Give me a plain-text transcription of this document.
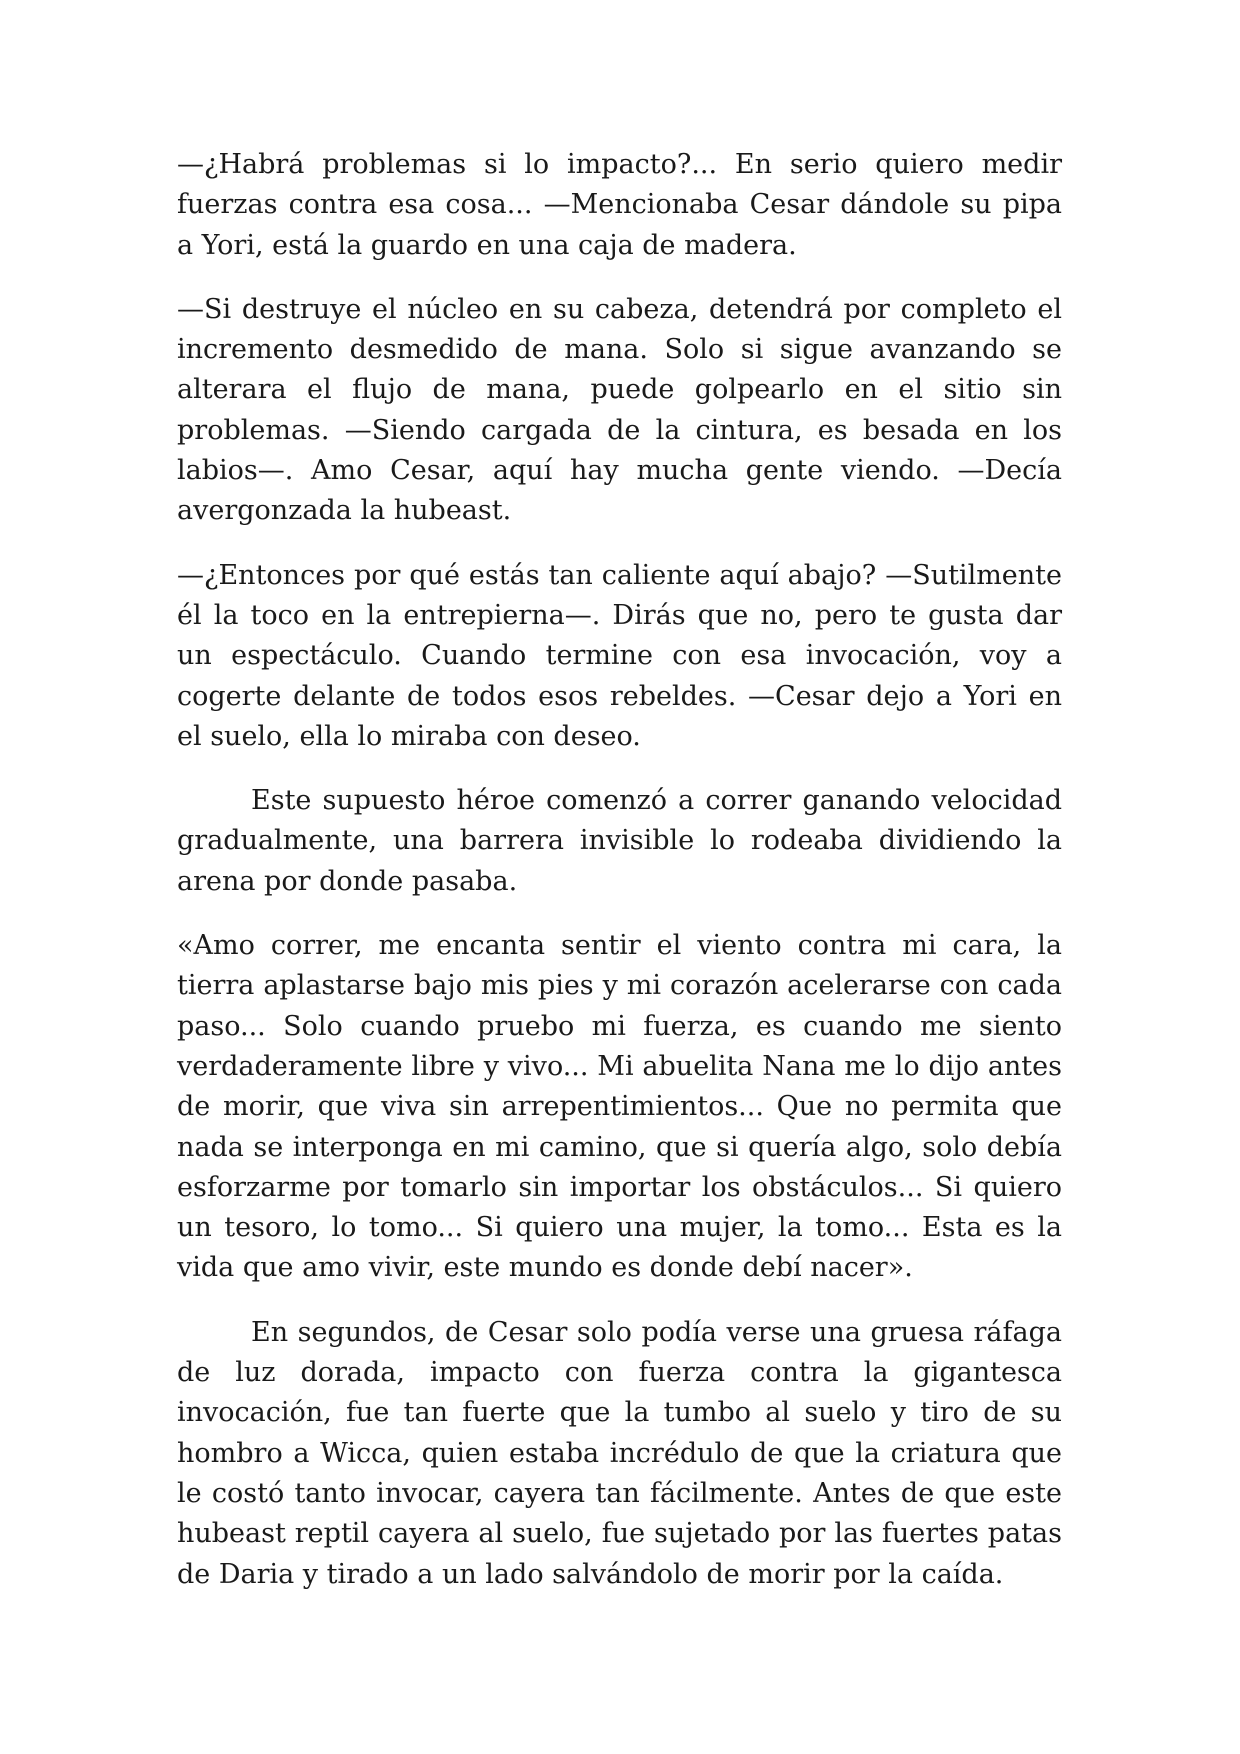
—¿Habrá problemas si lo impacto?... En serio quiero medir fuerzas contra esa cosa... —Mencionaba Cesar dándole su pipa a Yori, está la guardo en una caja de madera.

—Si destruye el núcleo en su cabeza, detendrá por completo el incremento desmedido de mana. Solo si sigue avanzando se alterara el flujo de mana, puede golpearlo en el sitio sin problemas. —Siendo cargada de la cintura, es besada en los labios—. Amo Cesar, aquí hay mucha gente viendo. —Decía avergonzada la hubeast.

—¿Entonces por qué estás tan caliente aquí abajo? —Sutilmente él la toco en la entrepierna—. Dirás que no, pero te gusta dar un espectáculo. Cuando termine con esa invocación, voy a cogerte delante de todos esos rebeldes. —Cesar dejo a Yori en el suelo, ella lo miraba con deseo.

Este supuesto héroe comenzó a correr ganando velocidad gradualmente, una barrera invisible lo rodeaba dividiendo la arena por donde pasaba.

«Amo correr, me encanta sentir el viento contra mi cara, la tierra aplastarse bajo mis pies y mi corazón acelerarse con cada paso... Solo cuando pruebo mi fuerza, es cuando me siento verdaderamente libre y vivo... Mi abuelita Nana me lo dijo antes de morir, que viva sin arrepentimientos... Que no permita que nada se interponga en mi camino, que si quería algo, solo debía esforzarme por tomarlo sin importar los obstáculos... Si quiero un tesoro, lo tomo... Si quiero una mujer, la tomo... Esta es la vida que amo vivir, este mundo es donde debí nacer».

En segundos, de Cesar solo podía verse una gruesa ráfaga de luz dorada, impacto con fuerza contra la gigantesca invocación, fue tan fuerte que la tumbo al suelo y tiro de su hombro a Wicca, quien estaba incrédulo de que la criatura que le costó tanto invocar, cayera tan fácilmente. Antes de que este hubeast reptil cayera al suelo, fue sujetado por las fuertes patas de Daria y tirado a un lado salvándolo de morir por la caída.
